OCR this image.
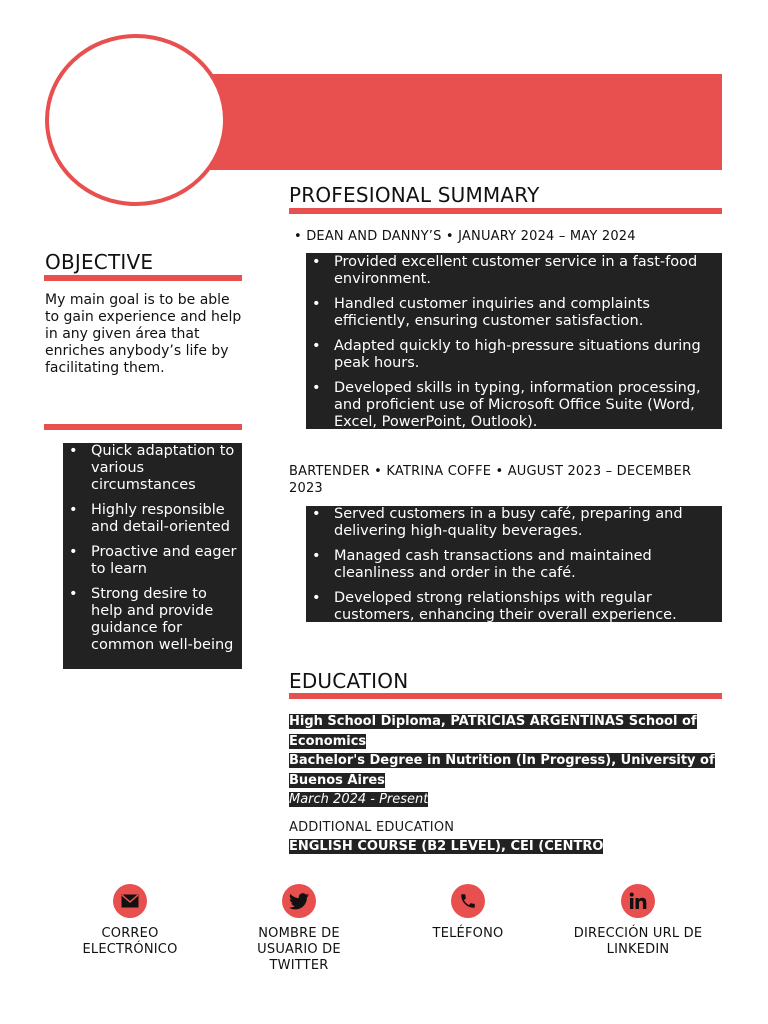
PROFESIONAL SUMMARY
• DEAN AND DANNY’S • JANUARY 2024 – MAY 2024
• Provided excellent customer service in a fast-food environment.
• Handled customer inquiries and complaints efficiently, ensuring customer satisfaction.
• Adapted quickly to high-pressure situations during peak hours.
• Developed skills in typing, information processing, and proficient use of Microsoft Office Suite (Word, Excel, PowerPoint, Outlook).
BARTENDER • KATRINA COFFE • AUGUST 2023 – DECEMBER 2023
• Served customers in a busy café, preparing and delivering high-quality beverages.
• Managed cash transactions and maintained cleanliness and order in the café.
• Developed strong relationships with regular customers, enhancing their overall experience.
OBJECTIVE
My main goal is to be able to gain experience and help in any given área that enriches anybody’s life by facilitating them.
• Quick adaptation to various circumstances
• Highly responsible and detail-oriented
• Proactive and eager to learn
• Strong desire to help and provide guidance for common well-being
EDUCATION
High School Diploma, PATRICIAS ARGENTINAS School of Economics
Bachelor's Degree in Nutrition (In Progress), University of Buenos Aires
March 2024 - Present
ADDITIONAL EDUCATION
ENGLISH COURSE (B2 LEVEL), CEI (CENTRO
CORREO ELECTRÓNICO
NOMBRE DE USUARIO DE TWITTER
TELÉFONO	DIRECCIÓN URL DE LINKEDIN
